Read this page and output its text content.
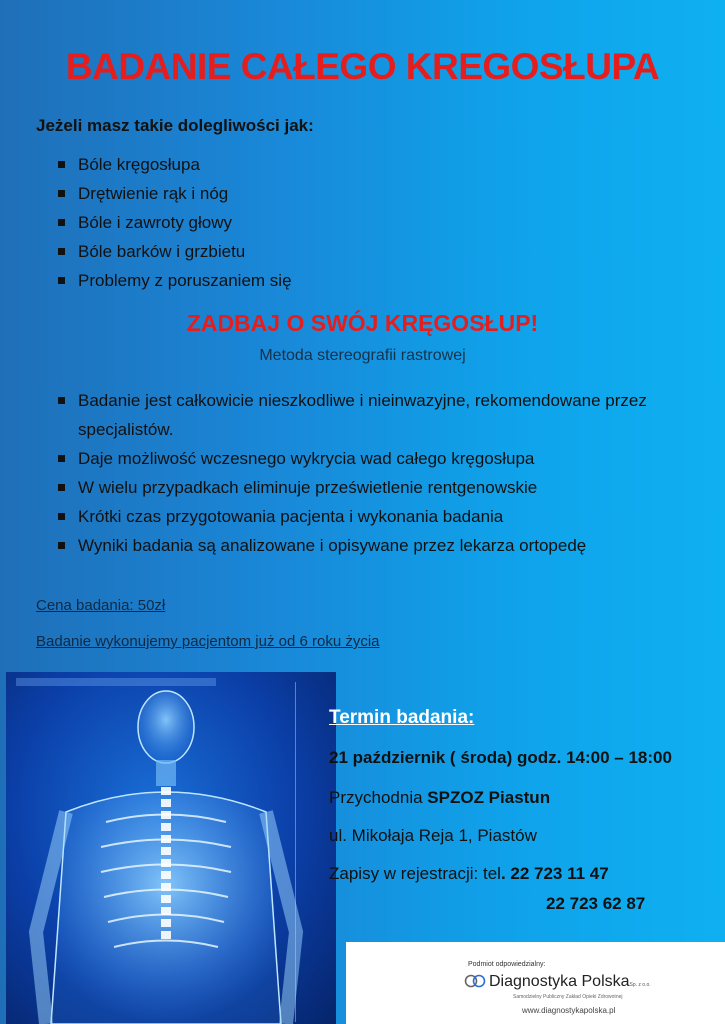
BADANIE CAŁEGO KREGOSŁUPA
Jeżeli masz takie dolegliwości jak:
Bóle kręgosłupa
Drętwienie rąk i nóg
Bóle i zawroty głowy
Bóle barków i grzbietu
Problemy z poruszaniem się
ZADBAJ O SWÓJ KRĘGOSŁUP!
Metoda stereografii rastrowej
Badanie jest całkowicie nieszkodliwe i nieinwazyjne, rekomendowane przez specjalistów.
Daje możliwość wczesnego wykrycia wad całego kręgosłupa
W wielu przypadkach eliminuje prześwietlenie rentgenowskie
Krótki czas przygotowania pacjenta i wykonania badania
Wyniki badania są analizowane i opisywane przez lekarza ortopedę
Cena badania: 50zł
Badanie wykonujemy pacjentom już od 6 roku życia
Termin badania:
21 październik ( środa) godz. 14:00 – 18:00
Przychodnia SPZOZ Piastun
ul. Mikołaja Reja 1, Piastów
Zapisy w rejestracji: tel. 22 723 11 47
22 723 62 87
Podmiot odpowiedzialny:
Diagnostyka PolskaSp. z o.o.
Samodzielny Publiczny Zakład Opieki Zdrowotnej
www.diagnostykapolska.pl
